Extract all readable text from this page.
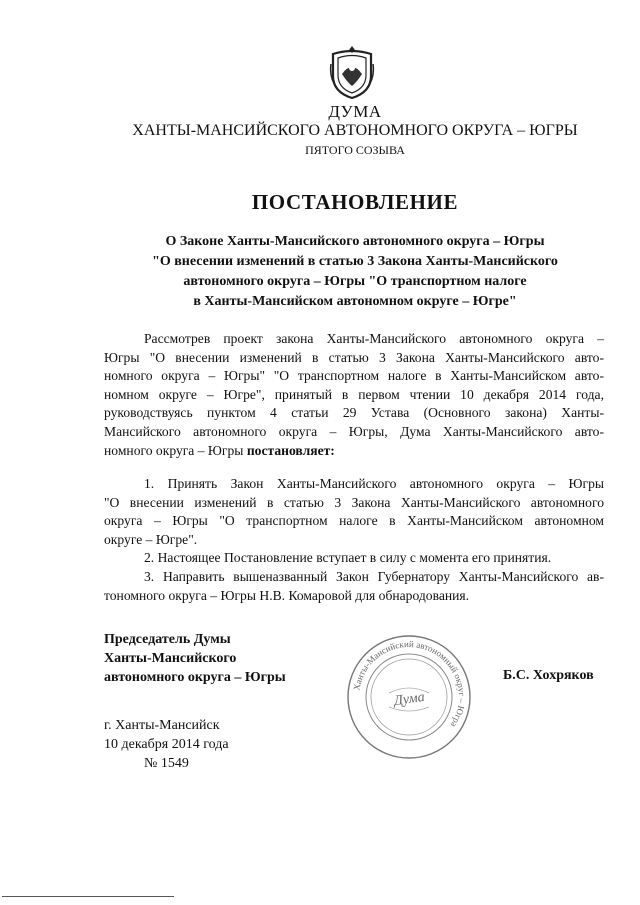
ДУМА
ХАНТЫ-МАНСИЙСКОГО АВТОНОМНОГО ОКРУГА – ЮГРЫ
ПЯТОГО СОЗЫВА
ПОСТАНОВЛЕНИЕ
О Законе Ханты-Мансийского автономного округа – Югры
"О внесении изменений в статью 3 Закона Ханты-Мансийского
автономного округа – Югры "О транспортном налоге
в Ханты-Мансийском автономном округе – Югре"
Рассмотрев проект закона Ханты-Мансийского автономного округа –
Югры "О внесении изменений в статью 3 Закона Ханты-Мансийского авто-
номного округа – Югры" "О транспортном налоге в Ханты-Мансийском авто-
номном округе – Югре", принятый в первом чтении 10 декабря 2014 года,
руководствуясь пунктом 4 статьи 29 Устава (Основного закона) Ханты-
Мансийского автономного округа – Югры, Дума Ханты-Мансийского авто-
номного округа – Югры постановляет:
1. Принять Закон Ханты-Мансийского автономного округа – Югры
"О внесении изменений в статью 3 Закона Ханты-Мансийского автономного
округа – Югры "О транспортном налоге в Ханты-Мансийском автономном
округе – Югре".
2. Настоящее Постановление вступает в силу с момента его принятия.
3. Направить вышеназванный Закон Губернатору Ханты-Мансийского ав-
тономного округа – Югры Н.В. Комаровой для обнародования.
Председатель Думы
Ханты-Мансийского
автономного округа – Югры
Ханты-Мансийский автономный округ – Югра
Дума
Б.С. Хохряков
г. Ханты-Мансийск
10 декабря 2014 года
№ 1549
